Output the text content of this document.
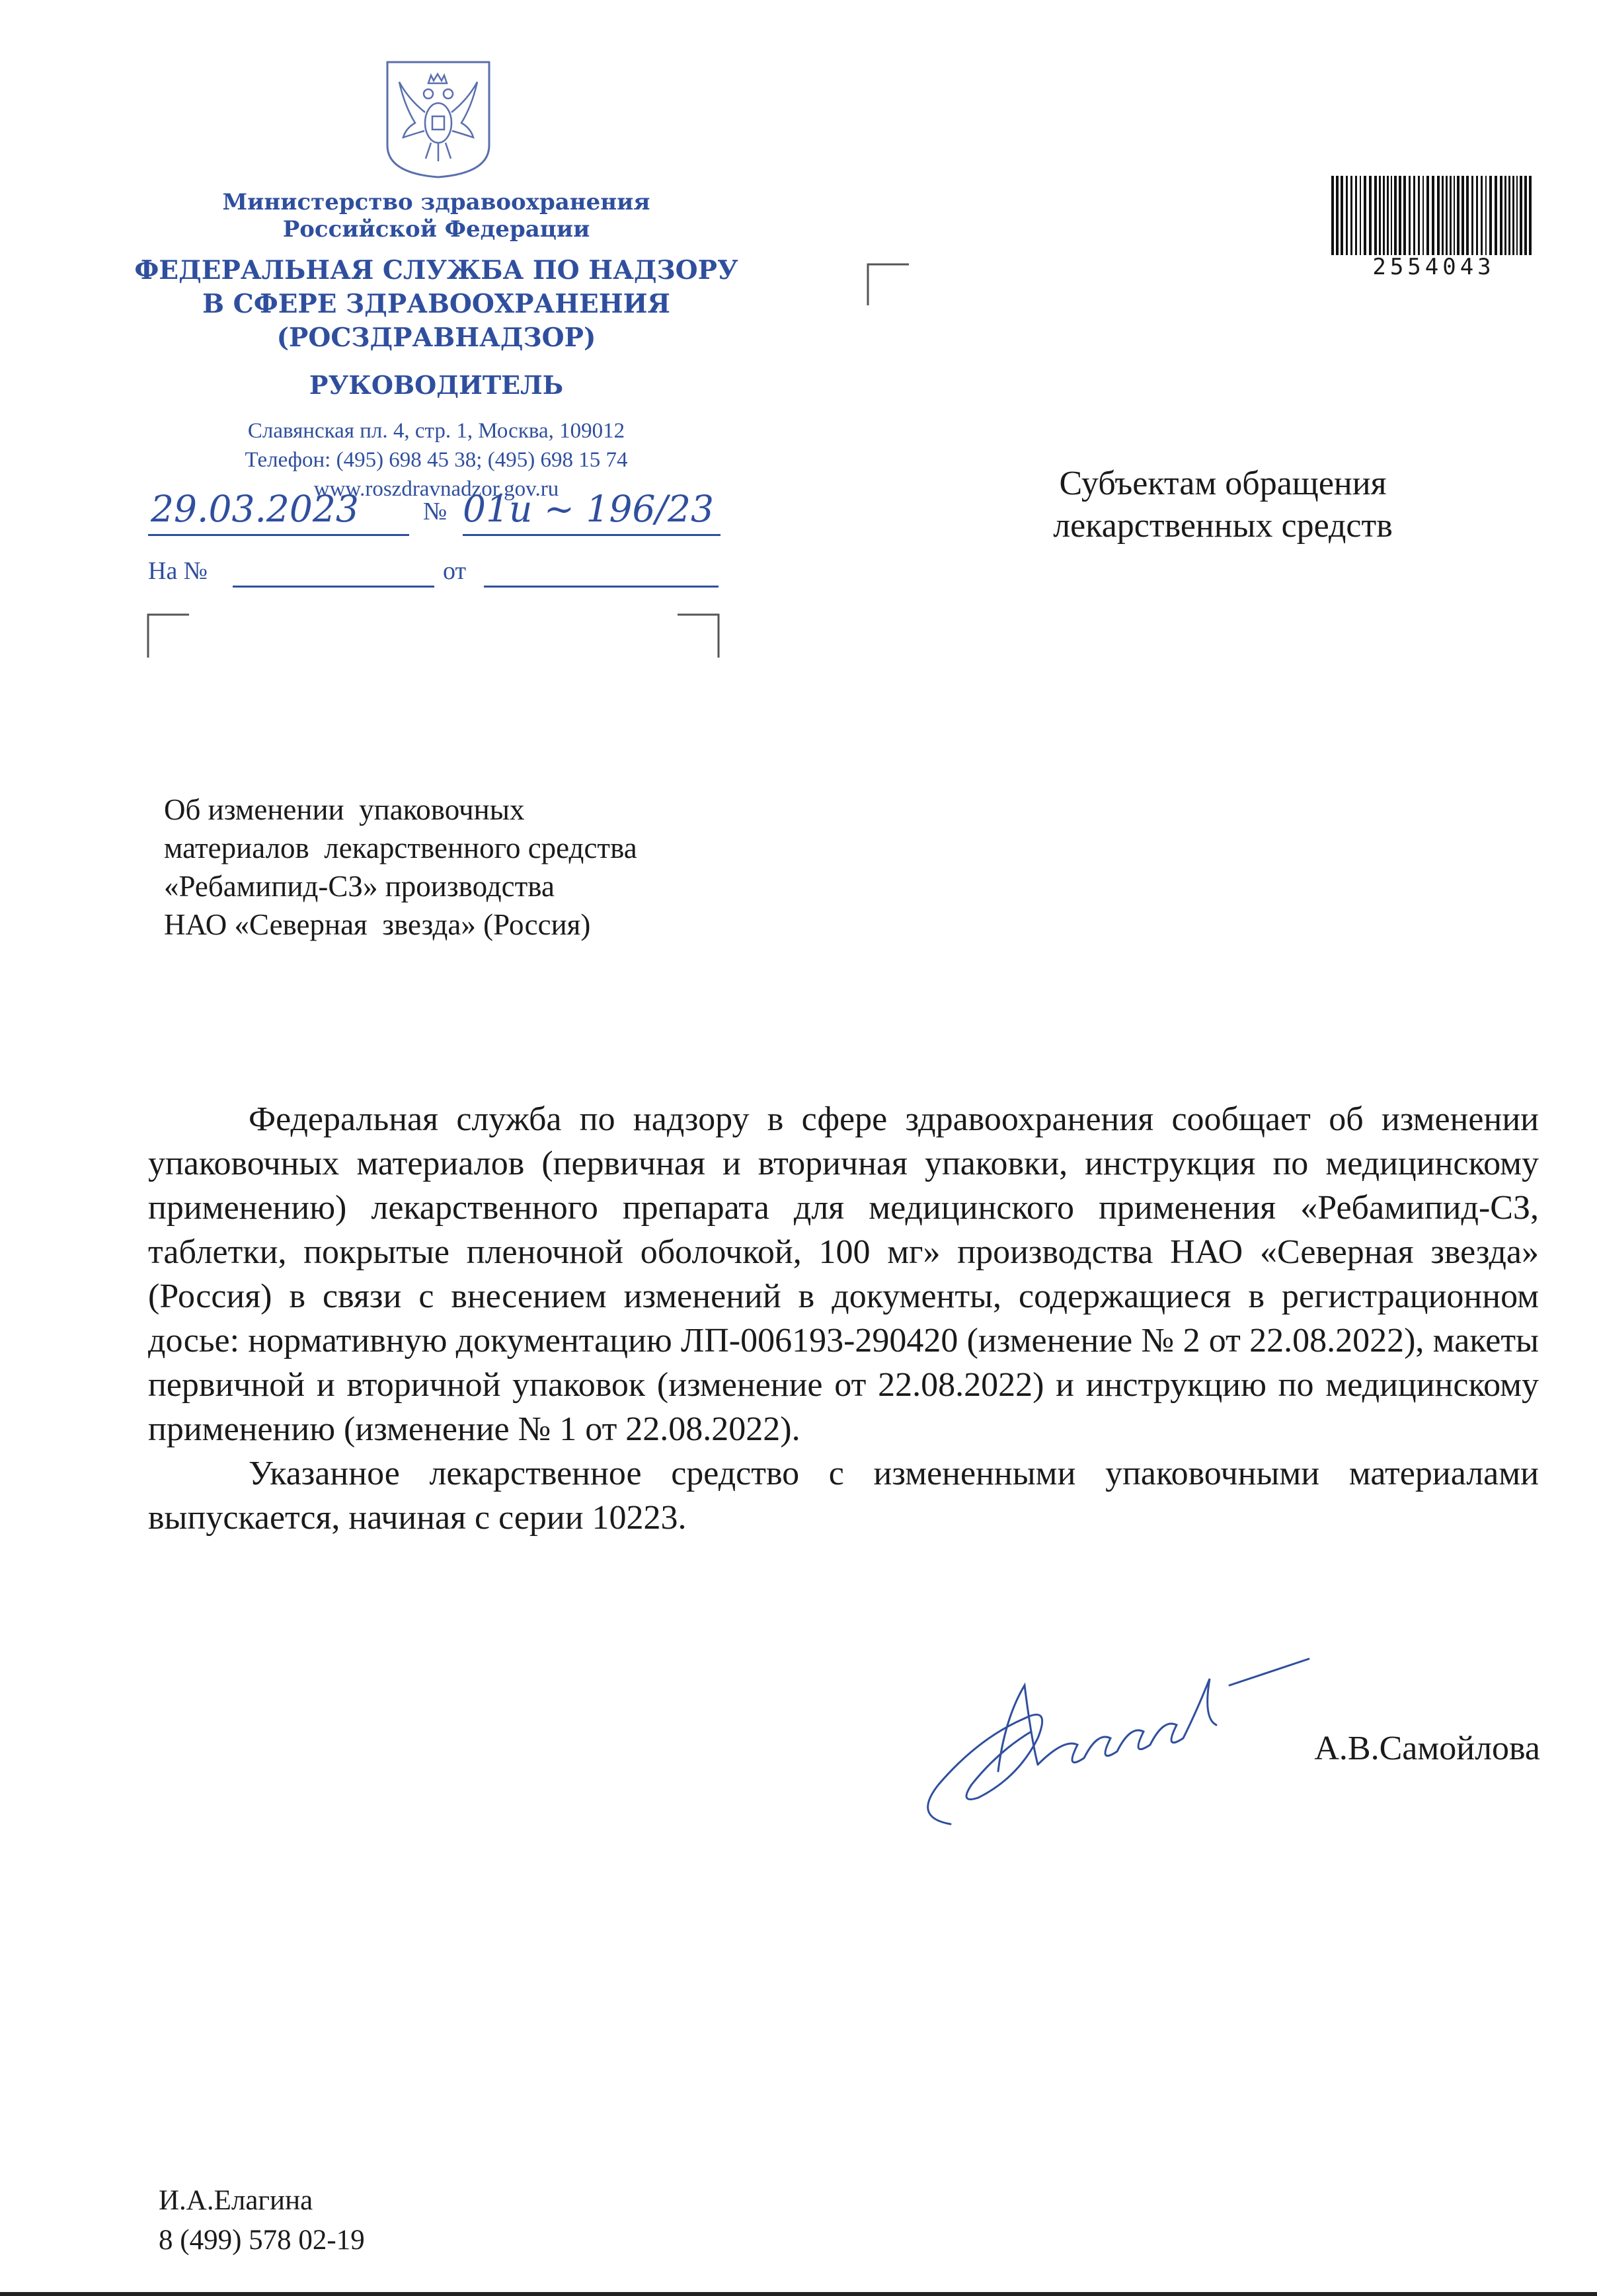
Министерство здравоохранения
Российской Федерации
ФЕДЕРАЛЬНАЯ СЛУЖБА ПО НАДЗОРУ
В СФЕРЕ ЗДРАВООХРАНЕНИЯ
(РОСЗДРАВНАДЗОР)
РУКОВОДИТЕЛЬ
Славянская пл. 4, стр. 1, Москва, 109012
Телефон: (495) 698 45 38; (495) 698 15 74
www.roszdravnadzor.gov.ru
29.03.2023	№ 01и ~ 196/23
На №	от
2554043
Субъектам обращения
лекарственных средств
Об изменении  упаковочных
материалов  лекарственного средства
«Ребамипид-СЗ» производства
НАО «Северная  звезда» (Россия)

Федеральная служба по надзору в сфере здравоохранения сообщает об изменении упаковочных материалов (первичная и вторичная упаковки, инструкция по медицинскому применению) лекарственного препарата для медицинского применения «Ребамипид-СЗ, таблетки, покрытые пленочной оболочкой, 100 мг» производства НАО «Северная звезда» (Россия) в связи с внесением изменений в документы, содержащиеся в регистрационном досье: нормативную документацию ЛП-006193-290420 (изменение № 2 от 22.08.2022), макеты первичной и вторичной упаковок (изменение от 22.08.2022) и инструкцию по медицинскому применению (изменение № 1 от 22.08.2022).

Указанное лекарственное средство с измененными упаковочными материалами выпускается, начиная с серии 10223.

А.В.Самойлова
И.А.Елагина
8 (499) 578 02-19
